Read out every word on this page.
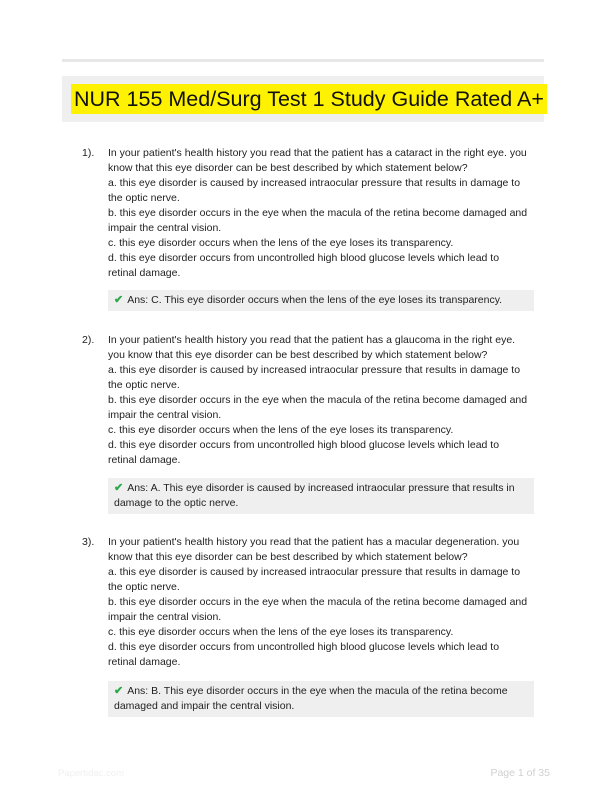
NUR 155 Med/Surg Test 1 Study Guide Rated A+
1). In your patient's health history you read that the patient has a cataract in the right eye. you
know that this eye disorder can be best described by which statement below?
a. this eye disorder is caused by increased intraocular pressure that results in damage to
the optic nerve.
b. this eye disorder occurs in the eye when the macula of the retina become damaged and
impair the central vision.
c. this eye disorder occurs when the lens of the eye loses its transparency.
d. this eye disorder occurs from uncontrolled high blood glucose levels which lead to
retinal damage.
✔ Ans: C. This eye disorder occurs when the lens of the eye loses its transparency.
2). In your patient's health history you read that the patient has a glaucoma in the right eye.
you know that this eye disorder can be best described by which statement below?
a. this eye disorder is caused by increased intraocular pressure that results in damage to
the optic nerve.
b. this eye disorder occurs in the eye when the macula of the retina become damaged and
impair the central vision.
c. this eye disorder occurs when the lens of the eye loses its transparency.
d. this eye disorder occurs from uncontrolled high blood glucose levels which lead to
retinal damage.
✔ Ans: A. This eye disorder is caused by increased intraocular pressure that results in
damage to the optic nerve.
3). In your patient's health history you read that the patient has a macular degeneration. you
know that this eye disorder can be best described by which statement below?
a. this eye disorder is caused by increased intraocular pressure that results in damage to
the optic nerve.
b. this eye disorder occurs in the eye when the macula of the retina become damaged and
impair the central vision.
c. this eye disorder occurs when the lens of the eye loses its transparency.
d. this eye disorder occurs from uncontrolled high blood glucose levels which lead to
retinal damage.
✔ Ans: B. This eye disorder occurs in the eye when the macula of the retina become
damaged and impair the central vision.
Papertidac.com	Page 1 of 35
